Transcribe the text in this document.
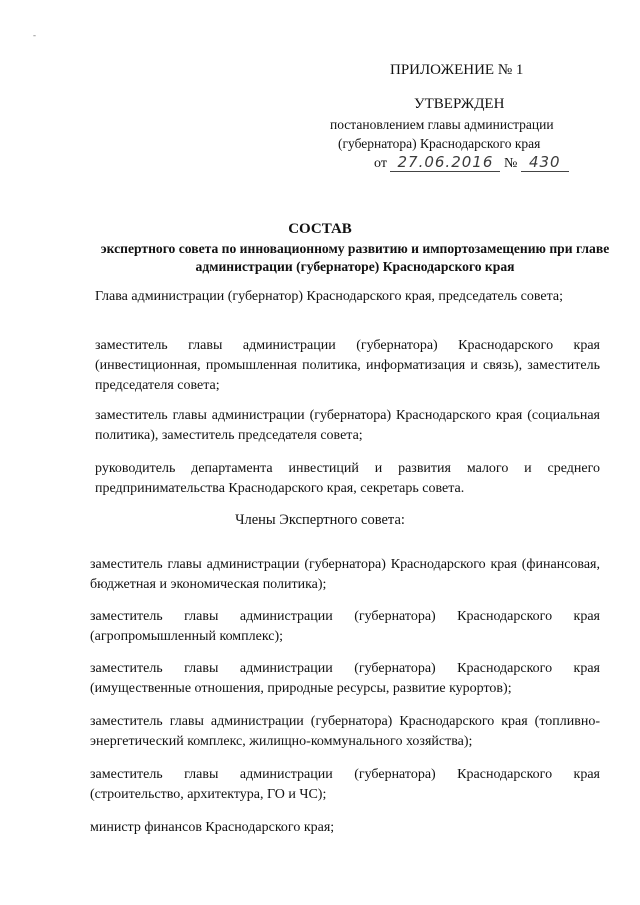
-
ПРИЛОЖЕНИЕ № 1
УТВЕРЖДЕН
постановлением главы администрации
(губернатора) Краснодарского края
от 27.06.2016 № 430
СОСТАВ
экспертного совета по инновационному развитию и импортозамещению при главе администрации (губернаторе) Краснодарского края
Глава администрации (губернатор) Краснодарского края, председатель совета;
заместитель главы администрации (губернатора) Краснодарского края (инвестиционная, промышленная политика, информатизация и связь), заместитель председателя совета;
заместитель главы администрации (губернатора) Краснодарского края (социальная политика), заместитель председателя совета;
руководитель департамента инвестиций и развития малого и среднего предпринимательства Краснодарского края, секретарь совета.
Члены Экспертного совета:
заместитель главы администрации (губернатора) Краснодарского края (финансовая, бюджетная и экономическая политика);
заместитель главы администрации (губернатора) Краснодарского края (агропромышленный комплекс);
заместитель главы администрации (губернатора) Краснодарского края (имущественные отношения, природные ресурсы, развитие курортов);
заместитель главы администрации (губернатора) Краснодарского края (топливно-энергетический комплекс, жилищно-коммунального хозяйства);
заместитель главы администрации (губернатора) Краснодарского края (строительство, архитектура, ГО и ЧС);
министр финансов Краснодарского края;
